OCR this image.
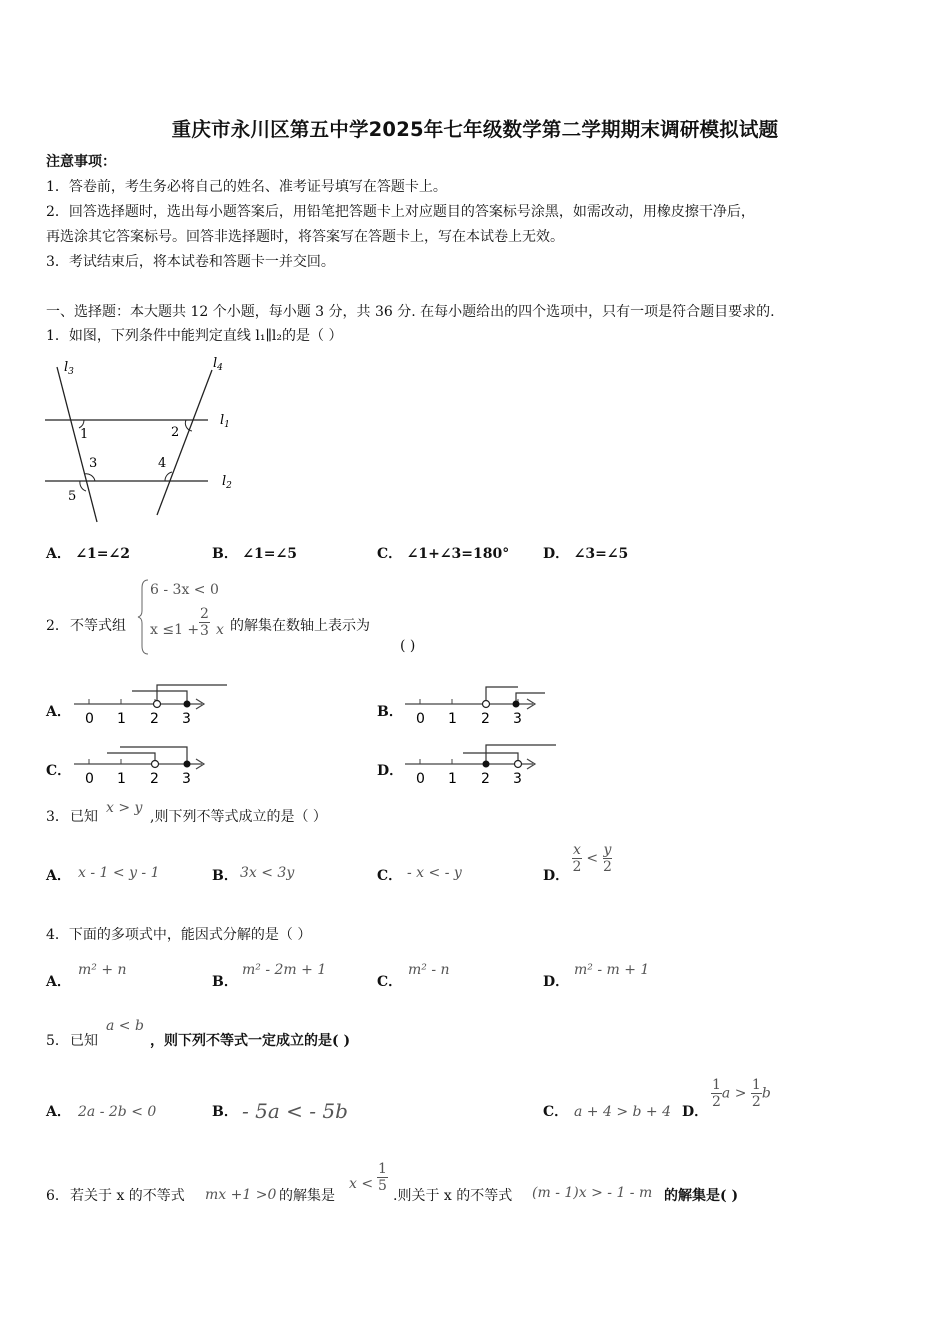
重庆市永川区第五中学2025年七年级数学第二学期期末调研模拟试题
注意事项：
1．答卷前，考生务必将自己的姓名、准考证号填写在答题卡上。
2．回答选择题时，选出每小题答案后，用铅笔把答题卡上对应题目的答案标号涂黑，如需改动，用橡皮擦干净后，
再选涂其它答案标号。回答非选择题时，将答案写在答题卡上，写在本试卷上无效。
3．考试结束后，将本试卷和答题卡一并交回。
一、选择题：本大题共 12 个小题，每小题 3 分，共 36 分. 在每小题给出的四个选项中，只有一项是符合题目要求的.
1．如图，下列条件中能判定直线 l₁∥l₂的是（ ）
$l_3$
$l_4$
$l_1$
$l_2$
1	2
3	4
5
A． ∠1=∠2	B． ∠1=∠5	C． ∠1+∠3=180° D． ∠3=∠5
2． 不等式组
6 - 3x < 0
$x \le 1 + \frac{2}{3}$ x 的解集在数轴上表示为
( )
A．	B．
C．	D．
0 1 2 3	0 1 2 3
0 1 2 3	0 1 2 3
3． 已知
x > y
,则下列不等式成立的是（ ）
A． x - 1 < y - 1	B． 3x < 3y	C． - x < - y	D．
$\frac{x}{2} < \frac{y}{2}$
4．下面的多项式中，能因式分解的是（ ）
A．
m² + n
B．
m² - 2m + 1
C．
m² - n
D．
m² - m + 1
5． 已知
a < b
，则下列不等式一定成立的是( )
A． 2a - 2b < 0	B． - 5a < - 5b	C． a + 4 > b + 4 D．
$\frac{1}{2}$ $a > \frac{1}{2}$ b
6． 若关于 x 的不等式 mx +1 >0 的解集是
$x < \frac{1}{5}$
.则关于 x 的不等式 (m - 1)x > - 1 - m 的解集是( )
